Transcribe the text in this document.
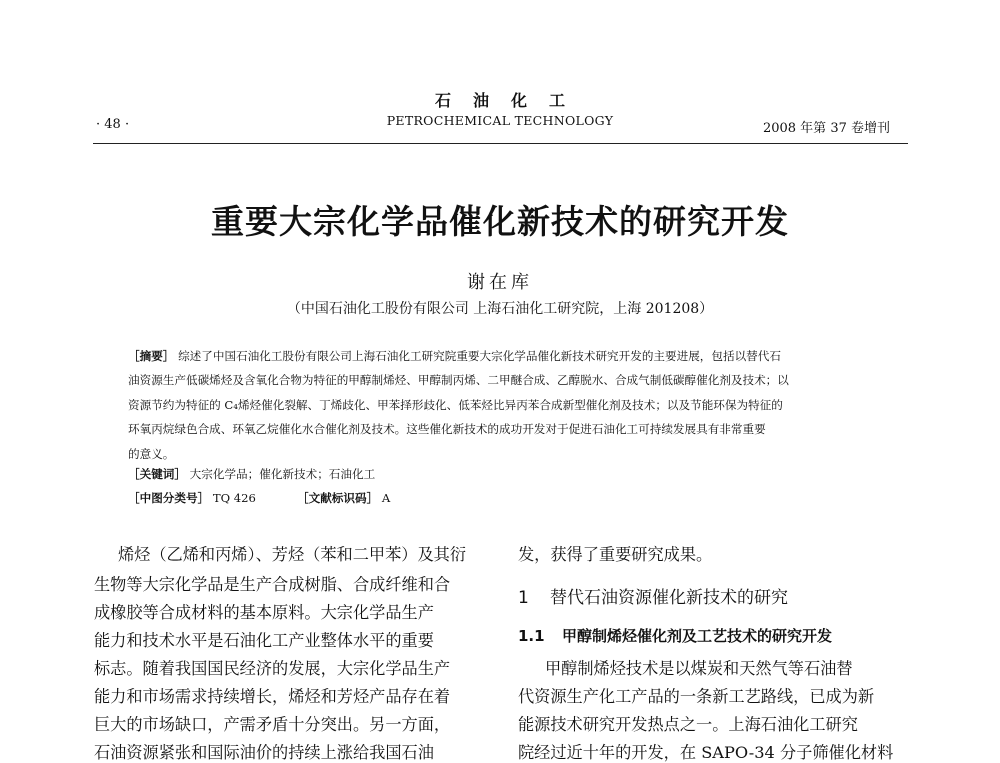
石油化工
PETROCHEMICAL TECHNOLOGY
· 48 ·	2008 年第 37 卷增刊
重要大宗化学品催化新技术的研究开发
谢在库
（中国石油化工股份有限公司 上海石油化工研究院，上海 201208）
［摘要］ 综述了中国石油化工股份有限公司上海石油化工研究院重要大宗化学品催化新技术研究开发的主要进展，包括以替代石
油资源生产低碳烯烃及含氧化合物为特征的甲醇制烯烃、甲醇制丙烯、二甲醚合成、乙醇脱水、合成气制低碳醇催化剂及技术；以
资源节约为特征的 C₄烯烃催化裂解、丁烯歧化、甲苯择形歧化、低苯烃比异丙苯合成新型催化剂及技术；以及节能环保为特征的
环氧丙烷绿色合成、环氧乙烷催化水合催化剂及技术。这些催化新技术的成功开发对于促进石油化工可持续发展具有非常重要
的意义。
［关键词］ 大宗化学品；催化新技术；石油化工
［中图分类号］ TQ 426	［文献标识码］ A
烯烃（乙烯和丙烯）、芳烃（苯和二甲苯）及其衍
生物等大宗化学品是生产合成树脂、合成纤维和合
成橡胶等合成材料的基本原料。大宗化学品生产
能力和技术水平是石油化工产业整体水平的重要
标志。随着我国国民经济的发展，大宗化学品生产
能力和市场需求持续增长，烯烃和芳烃产品存在着
巨大的市场缺口，产需矛盾十分突出。另一方面，
石油资源紧张和国际油价的持续上涨给我国石油
发，获得了重要研究成果。
1 替代石油资源催化新技术的研究
1.1 甲醇制烯烃催化剂及工艺技术的研究开发
甲醇制烯烃技术是以煤炭和天然气等石油替
代资源生产化工产品的一条新工艺路线，已成为新
能源技术研究开发热点之一。上海石油化工研究
院经过近十年的开发，在 SAPO-34 分子筛催化材料
